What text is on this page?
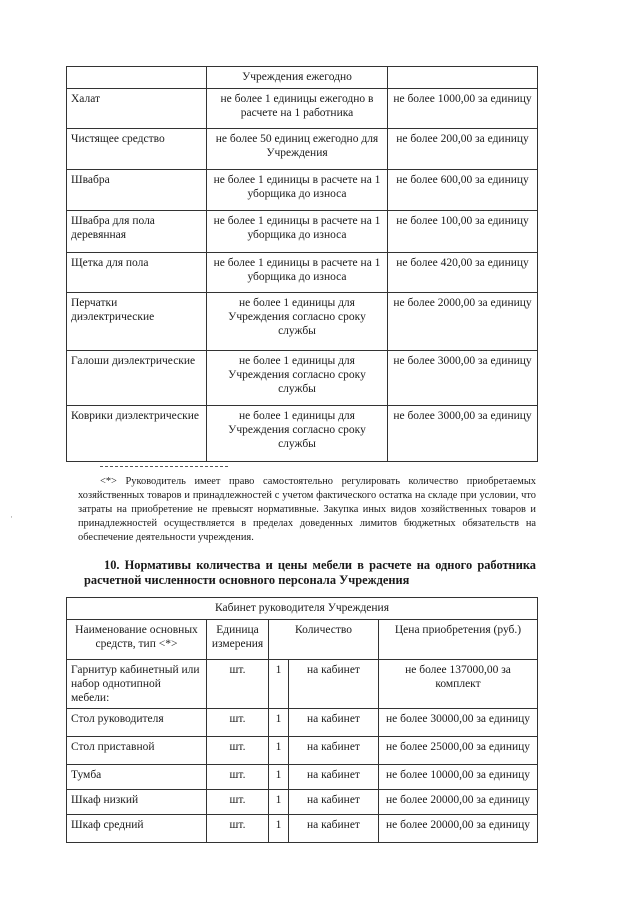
	Учреждения ежегодно	
Халат	не более 1 единицы ежегодно в расчете на 1 работника	не более 1000,00 за единицу
Чистящее средство	не более 50 единиц ежегодно для Учреждения	не более 200,00 за единицу
Швабра	не более 1 единицы в расчете на 1 уборщика до износа	не более 600,00 за единицу
Швабра для пола деревянная	не более 1 единицы в расчете на 1 уборщика до износа	не более 100,00 за единицу
Щетка для пола	не более 1 единицы в расчете на 1 уборщика до износа	не более 420,00 за единицу
Перчатки диэлектрические	не более 1 единицы для Учреждения согласно сроку службы	не более 2000,00 за единицу
Галоши диэлектрические	не более 1 единицы для Учреждения согласно сроку службы	не более 3000,00 за единицу
Коврики диэлектрические	не более 1 единицы для Учреждения согласно сроку службы	не более 3000,00 за единицу
<*> Руководитель имеет право самостоятельно регулировать количество приобретаемых хозяйственных товаров и принадлежностей с учетом фактического остатка на складе при условии, что затраты на приобретение не превысят нормативные. Закупка иных видов хозяйственных товаров и принадлежностей осуществляется в пределах доведенных лимитов бюджетных обязательств на обеспечение деятельности учреждения.
·
10. Нормативы количества и цены мебели в расчете на одного работника расчетной численности основного персонала Учреждения
Кабинет руководителя Учреждения				
Наименование основных средств, тип <*>	Единица измерения	Количество		Цена приобретения (руб.)
Гарнитур кабинетный или набор однотипной мебели:	шт.	1	на кабинет	не более 137000,00 за комплект
Стол руководителя	шт.	1	на кабинет	не более 30000,00 за единицу
Стол приставной	шт.	1	на кабинет	не более 25000,00 за единицу
Тумба	шт.	1	на кабинет	не более 10000,00 за единицу
Шкаф низкий	шт.	1	на кабинет	не более 20000,00 за единицу
Шкаф средний	шт.	1	на кабинет	не более 20000,00 за единицу
